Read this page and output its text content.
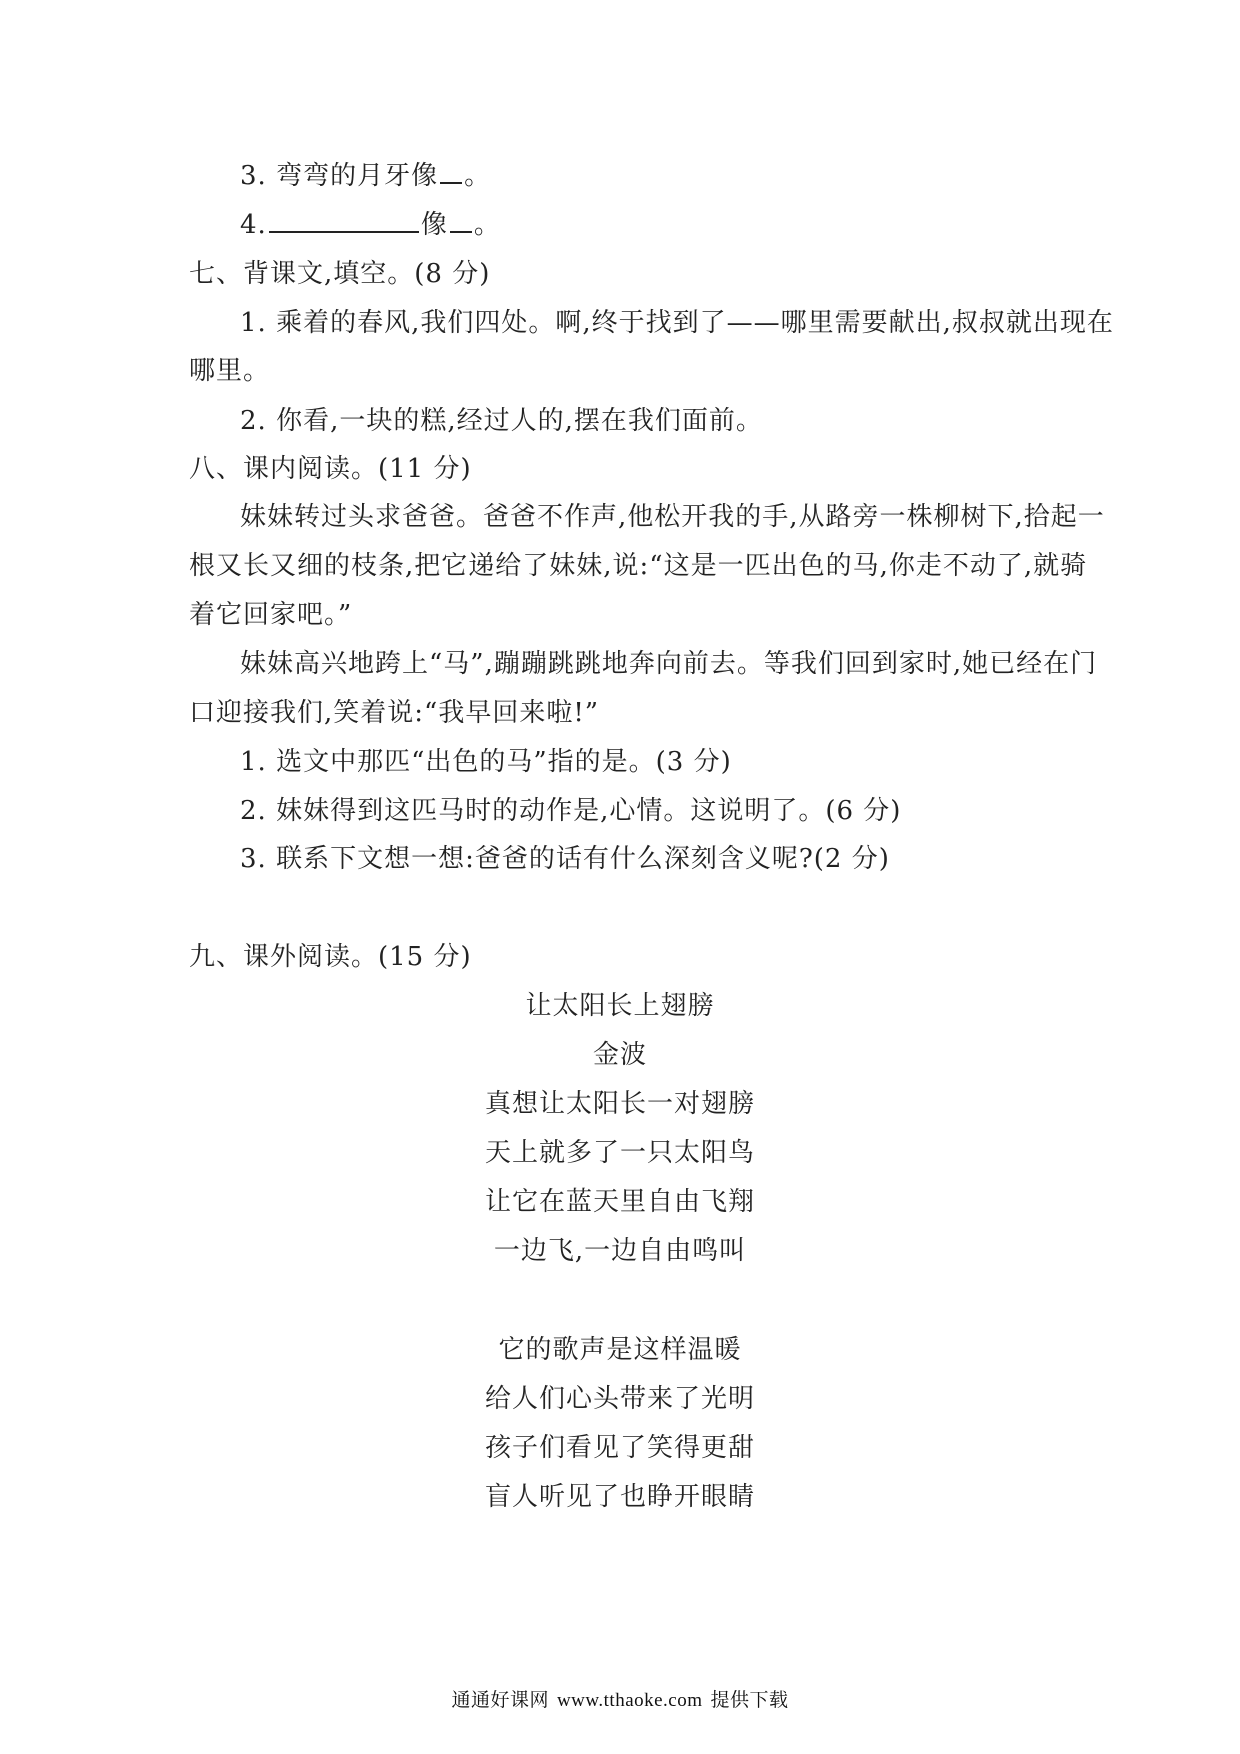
3. 弯弯的月牙像 。
4.	像 。
七、背课文,填空。(8 分)
1. 乘着的春风,我们四处。啊,终于找到了——哪里需要献出,叔叔就出现在
哪里。
2. 你看,一块的糕,经过人的,摆在我们面前。
八、课内阅读。(11 分)
妹妹转过头求爸爸。爸爸不作声,他松开我的手,从路旁一株柳树下,拾起一
根又长又细的枝条,把它递给了妹妹,说:“这是一匹出色的马,你走不动了,就骑
着它回家吧。”
妹妹高兴地跨上“马”,蹦蹦跳跳地奔向前去。等我们回到家时,她已经在门
口迎接我们,笑着说:“我早回来啦!”
1. 选文中那匹“出色的马”指的是。(3 分)
2. 妹妹得到这匹马时的动作是,心情。这说明了。(6 分)
3. 联系下文想一想:爸爸的话有什么深刻含义呢?(2 分)
九、课外阅读。(15 分)
让太阳长上翅膀
金波
真想让太阳长一对翅膀
天上就多了一只太阳鸟
让它在蓝天里自由飞翔
一边飞,一边自由鸣叫
它的歌声是这样温暖
给人们心头带来了光明
孩子们看见了笑得更甜
盲人听见了也睁开眼睛
通通好课网 www.tthaoke.com 提供下载
